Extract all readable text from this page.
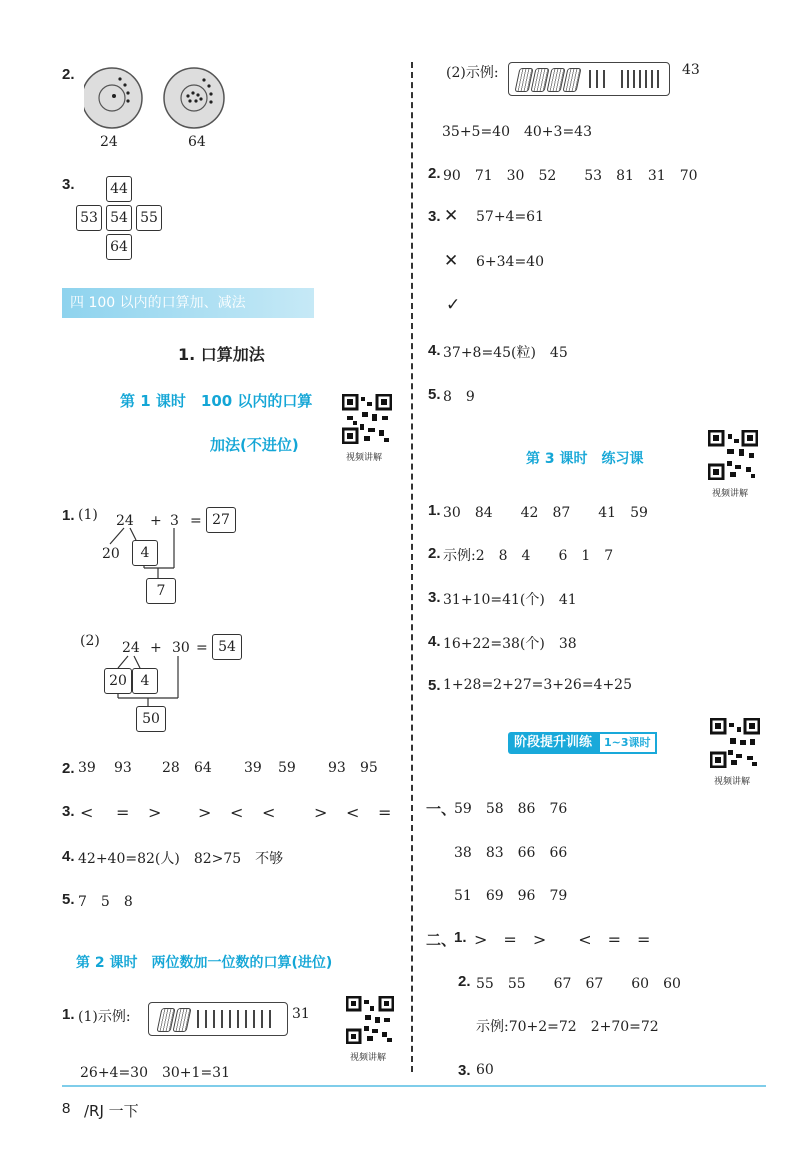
2.
24	64
3.	44
53 54 55
64
四 100 以内的口算加、减法
1. 口算加法
第 1 课时　100 以内的口算
加法(不进位)
视频讲解
1. (1) 24 + 3 = 27
20	4
7
(2) 24 + 30 = 54
20 4
50
2. 39 93 28 64 39 59 93 95
3. < = > > < < > < =
4. 42+40=82(人)　82>75　不够
5. 7　5　8
第 2 课时　两位数加一位数的口算(进位)
1. (1)示例:	31
26+4=30　30+1=31
视频讲解
(2)示例:	43
35+5=40　40+3=43
2. 90　71　30　52　　53　81　31　70
3. ✕ 57+4=61
✕ 6+34=40
✓
4. 37+8=45(粒)　45
5. 8　9
第 3 课时　练习课
视频讲解
1. 30　84　　42　87　　41　59
2. 示例:2　8　4　　6　1　7
3. 31+10=41(个)　41
4. 16+22=38(个)　38
5. 1+28=2+27=3+26=4+25
阶段提升训练	1~3课时
视频讲解
一、
59　58　86　76
38　83　66　66
51　69　96　79
二、
1. >　=　>　　<　=　=
2. 55　55　　67　67　　60　60
示例:70+2=72　2+70=72
3. 60
8 /RJ 一下
